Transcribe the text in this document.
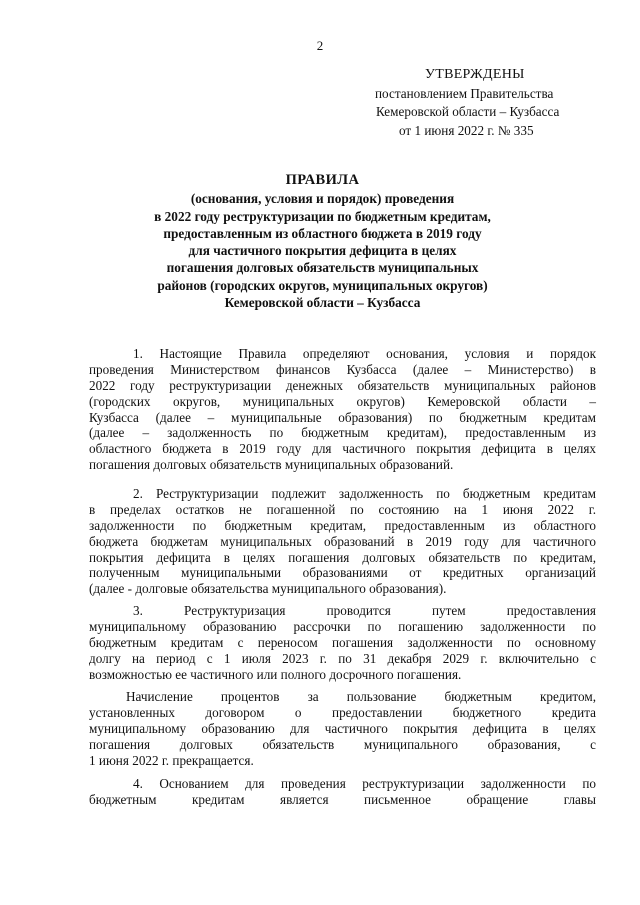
2
УТВЕРЖДЕНЫ
постановлением Правительства
Кемеровской области – Кузбасса
от 1 июня 2022 г. № 335
ПРАВИЛА
(основания, условия и порядок) проведения
в 2022 году реструктуризации по бюджетным кредитам,
предоставленным из областного бюджета в 2019 году
для частичного покрытия дефицита в целях
погашения долговых обязательств муниципальных
районов (городских округов, муниципальных округов)
Кемеровской области – Кузбасса
1. Настоящие Правила определяют основания, условия и порядок
проведения Министерством финансов Кузбасса (далее – Министерство) в
2022 году реструктуризации денежных обязательств муниципальных районов
(городских округов, муниципальных округов) Кемеровской области –
Кузбасса (далее – муниципальные образования) по бюджетным кредитам
(далее – задолженность по бюджетным кредитам), предоставленным из
областного бюджета в 2019 году для частичного покрытия дефицита в целях
погашения долговых обязательств муниципальных образований.
2. Реструктуризации подлежит задолженность по бюджетным кредитам
в пределах остатков не погашенной по состоянию на 1 июня 2022 г.
задолженности по бюджетным кредитам, предоставленным из областного
бюджета бюджетам муниципальных образований в 2019 году для частичного
покрытия дефицита в целях погашения долговых обязательств по кредитам,
полученным муниципальными образованиями от кредитных организаций
(далее - долговые обязательства муниципального образования).
3. Реструктуризация проводится путем предоставления
муниципальному образованию рассрочки по погашению задолженности по
бюджетным кредитам с переносом погашения задолженности по основному
долгу на период с 1 июля 2023 г. по 31 декабря 2029 г. включительно с
возможностью ее частичного или полного досрочного погашения.
Начисление процентов за пользование бюджетным кредитом,
установленных договором о предоставлении бюджетного кредита
муниципальному образованию для частичного покрытия дефицита в целях
погашения долговых обязательств муниципального образования, с
1 июня 2022 г. прекращается.
4. Основанием для проведения реструктуризации задолженности по
бюджетным кредитам является письменное обращение главы
